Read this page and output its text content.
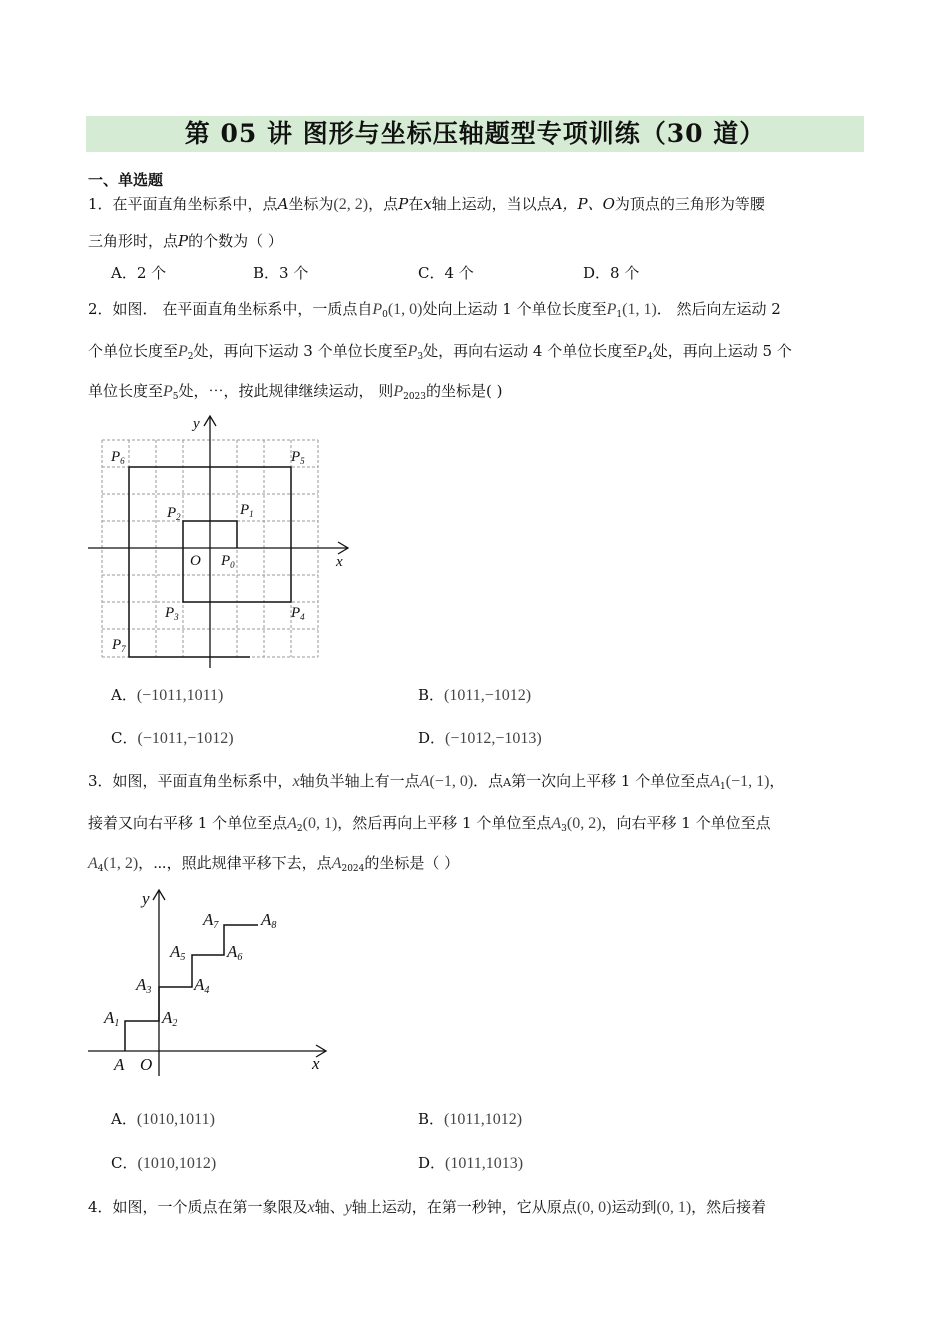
第 05 讲 图形与坐标压轴题型专项训练（30 道）
一、单选题
1．在平面直角坐标系中，点A坐标为(2, 2)，点P在x轴上运动，当以点A，P、O为顶点的三角形为等腰
三角形时，点P的个数为（ ）
A．2 个	B．3 个	C．4 个	D．8 个
2．如图． 在平面直角坐标系中，一质点自$P_0(1$, 0)处向上运动 1 个单位长度至$P_1(1$, 1)． 然后向左运动 2
个单位长度至$P_2$处，再向下运动 3 个单位长度至$P_3$处，再向右运动 4 个单位长度至$P_4$处，再向上运动 5 个
单位长度至$P_5$处，⋯，按此规律继续运动， 则$P_{2023}$的坐标是( )
y
x
O $P_0$
$P_1$
$P_2$
$P_3$	$P_4$
$P_5$
$P_6$
$P_7$
A．(−1011,1011)	B．(1011,−1012)
C．(−1011,−1012)	D．(−1012,−1013)
3．如图，平面直角坐标系中，x轴负半轴上有一点A(−1, 0)．点A第一次向上平移 1 个单位至点$A_1(-1$, 1)，
接着又向右平移 1 个单位至点$A_2(0$, 1)，然后再向上平移 1 个单位至点$A_3(0$, 2)，向右平移 1 个单位至点
$A_4(1$, 2)，⋯，照此规律平移下去，点$A_{2024}$的坐标是（ ）
y
x
O
A
A1	A2
A3	A4
A5 A6
A7	A8
A．(1010,1011)	B．(1011,1012)
C．(1010,1012)	D．(1011,1013)
4．如图，一个质点在第一象限及x轴、y轴上运动，在第一秒钟，它从原点(0, 0)运动到(0, 1)，然后接着
